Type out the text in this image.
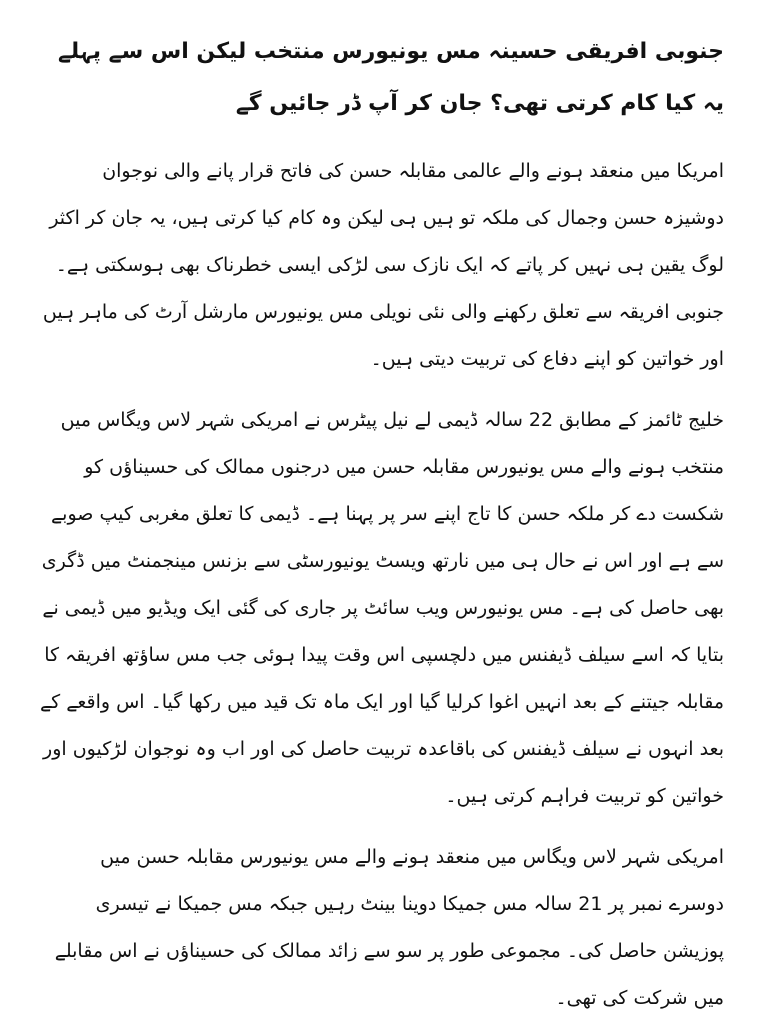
جنوبی افریقی حسینہ مس یونیورس منتخب لیکن اس سے پہلے یہ کیا کام کرتی تھی؟ جان کر آپ ڈر جائیں گے

امریکا میں منعقد ہونے والے عالمی مقابلہ حسن کی فاتح قرار پانے والی نوجوان دوشیزہ حسن وجمال کی ملکہ تو ہیں ہی لیکن وہ کام کیا کرتی ہیں، یہ جان کر اکثر لوگ یقین ہی نہیں کر پاتے کہ ایک نازک سی لڑکی ایسی خطرناک بھی ہوسکتی ہے۔ جنوبی افریقہ سے تعلق رکھنے والی نئی نویلی مس یونیورس مارشل آرٹ کی ماہر ہیں اور خواتین کو اپنے دفاع کی تربیت دیتی ہیں۔

خلیج ٹائمز کے مطابق 22 سالہ ڈیمی لے نیل پیٹرس نے امریکی شہر لاس ویگاس میں منتخب ہونے والے مس یونیورس مقابلہ حسن میں درجنوں ممالک کی حسیناؤں کو شکست دے کر ملکہ حسن کا تاج اپنے سر پر پہنا ہے۔ ڈیمی کا تعلق مغربی کیپ صوبے سے ہے اور اس نے حال ہی میں نارتھ ویسٹ یونیورسٹی سے بزنس مینجمنٹ میں ڈگری بھی حاصل کی ہے۔ مس یونیورس ویب سائٹ پر جاری کی گئی ایک ویڈیو میں ڈیمی نے بتایا کہ اسے سیلف ڈیفنس میں دلچسپی اس وقت پیدا ہوئی جب مس ساؤتھ افریقہ کا مقابلہ جیتنے کے بعد انہیں اغوا کرلیا گیا اور ایک ماہ تک قید میں رکھا گیا۔ اس واقعے کے بعد انہوں نے سیلف ڈیفنس کی باقاعدہ تربیت حاصل کی اور اب وہ نوجوان لڑکیوں اور خواتین کو تربیت فراہم کرتی ہیں۔

امریکی شہر لاس ویگاس میں منعقد ہونے والے مس یونیورس مقابلہ حسن میں دوسرے نمبر پر 21 سالہ مس جمیکا دوینا بینٹ رہیں جبکہ مس جمیکا نے تیسری پوزیشن حاصل کی۔ مجموعی طور پر سو سے زائد ممالک کی حسیناؤں نے اس مقابلے میں شرکت کی تھی۔
